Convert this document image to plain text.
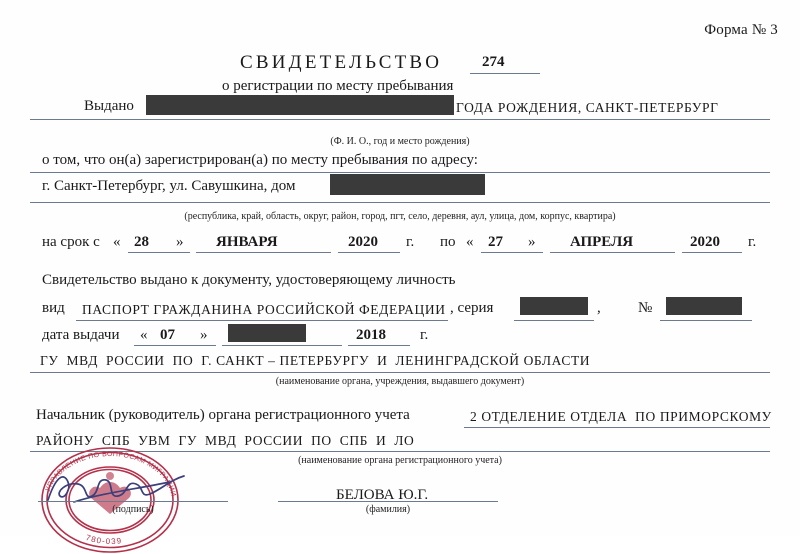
Форма № 3
СВИДЕТЕЛЬСТВО	274
о регистрации по месту пребывания
Выдано	ГОДА РОЖДЕНИЯ, САНКТ-ПЕТЕРБУРГ
(Ф. И. О., год и место рождения)
о том, что он(а) зарегистрирован(а) по месту пребывания по адресу:
г. Санкт-Петербург, ул. Савушкина, дом
(республика, край, область, округ, район, город, пгт, село, деревня, аул, улица, дом, корпус, квартира)
на срок с « 28 » ЯНВАРЯ	2020 г. по « 27 » АПРЕЛЯ	2020 г.
Свидетельство выдано к документу, удостоверяющему личность
вид ПАСПОРТ ГРАЖДАНИНА РОССИЙСКОЙ ФЕДЕРАЦИИ , серия	, №
дата выдачи « 07 »	2018 г.
ГУ  МВД  РОССИИ  ПО  Г. САНКТ – ПЕТЕРБУРГУ  И  ЛЕНИНГРАДСКОЙ ОБЛАСТИ
(наименование органа, учреждения, выдавшего документ)
Начальник (руководитель) органа регистрационного учета	2 ОТДЕЛЕНИЕ ОТДЕЛА  ПО ПРИМОРСКОМУ
РАЙОНУ  СПБ  УВМ  ГУ  МВД  РОССИИ  ПО  СПБ  И  ЛО
(наименование органа регистрационного учета)
УПРАВЛЕНИЕ ПО ВОПРОСАМ МИГРАЦИИ
780-039
(подпись)
БЕЛОВА Ю.Г.
(фамилия)
